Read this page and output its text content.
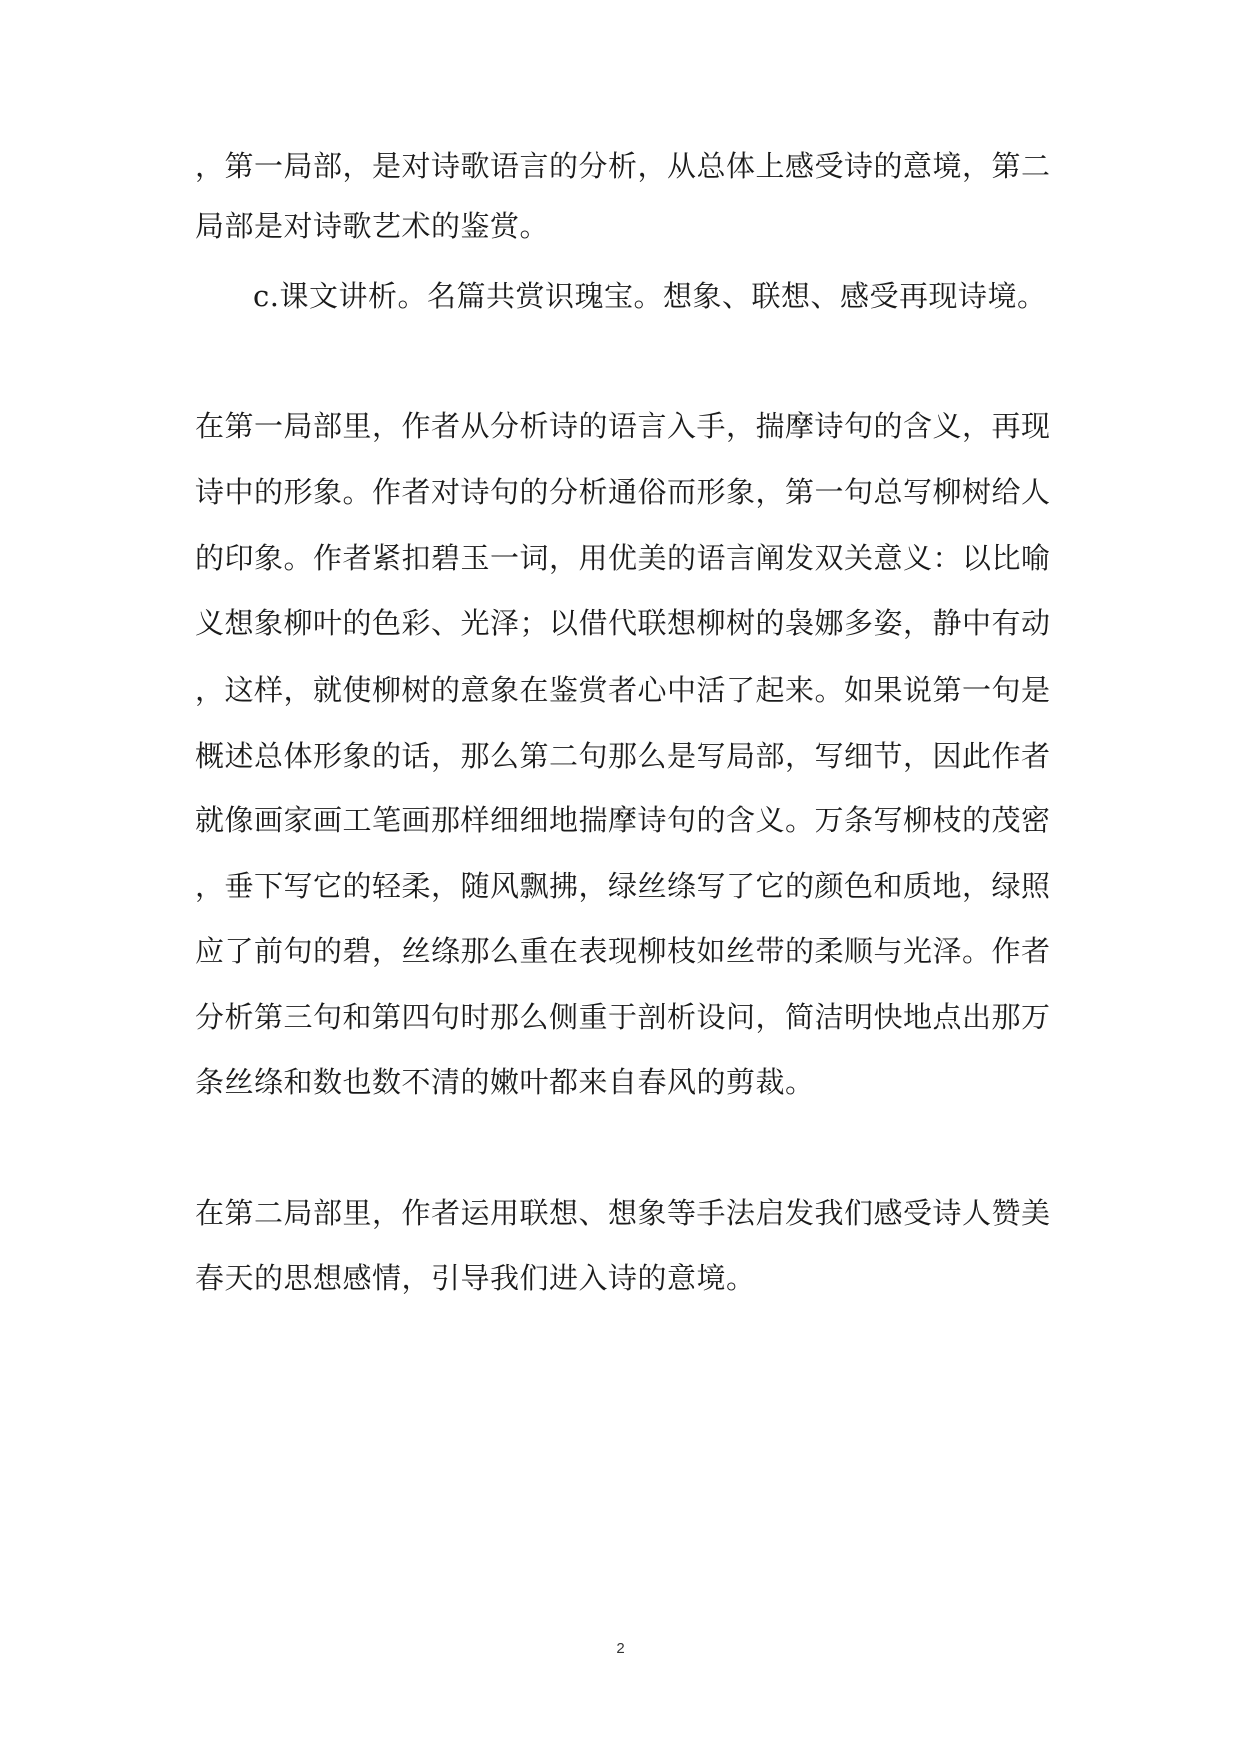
，第一局部，是对诗歌语言的分析，从总体上感受诗的意境，第二
局部是对诗歌艺术的鉴赏。
c.课文讲析。名篇共赏识瑰宝。想象、联想、感受再现诗境。
在第一局部里，作者从分析诗的语言入手，揣摩诗句的含义，再现
诗中的形象。作者对诗句的分析通俗而形象，第一句总写柳树给人
的印象。作者紧扣碧玉一词，用优美的语言阐发双关意义：以比喻
义想象柳叶的色彩、光泽；以借代联想柳树的袅娜多姿，静中有动
，这样，就使柳树的意象在鉴赏者心中活了起来。如果说第一句是
概述总体形象的话，那么第二句那么是写局部，写细节，因此作者
就像画家画工笔画那样细细地揣摩诗句的含义。万条写柳枝的茂密
，垂下写它的轻柔，随风飘拂，绿丝绦写了它的颜色和质地，绿照
应了前句的碧，丝绦那么重在表现柳枝如丝带的柔顺与光泽。作者
分析第三句和第四句时那么侧重于剖析设问，简洁明快地点出那万
条丝绦和数也数不清的嫩叶都来自春风的剪裁。
在第二局部里，作者运用联想、想象等手法启发我们感受诗人赞美
春天的思想感情，引导我们进入诗的意境。
2
